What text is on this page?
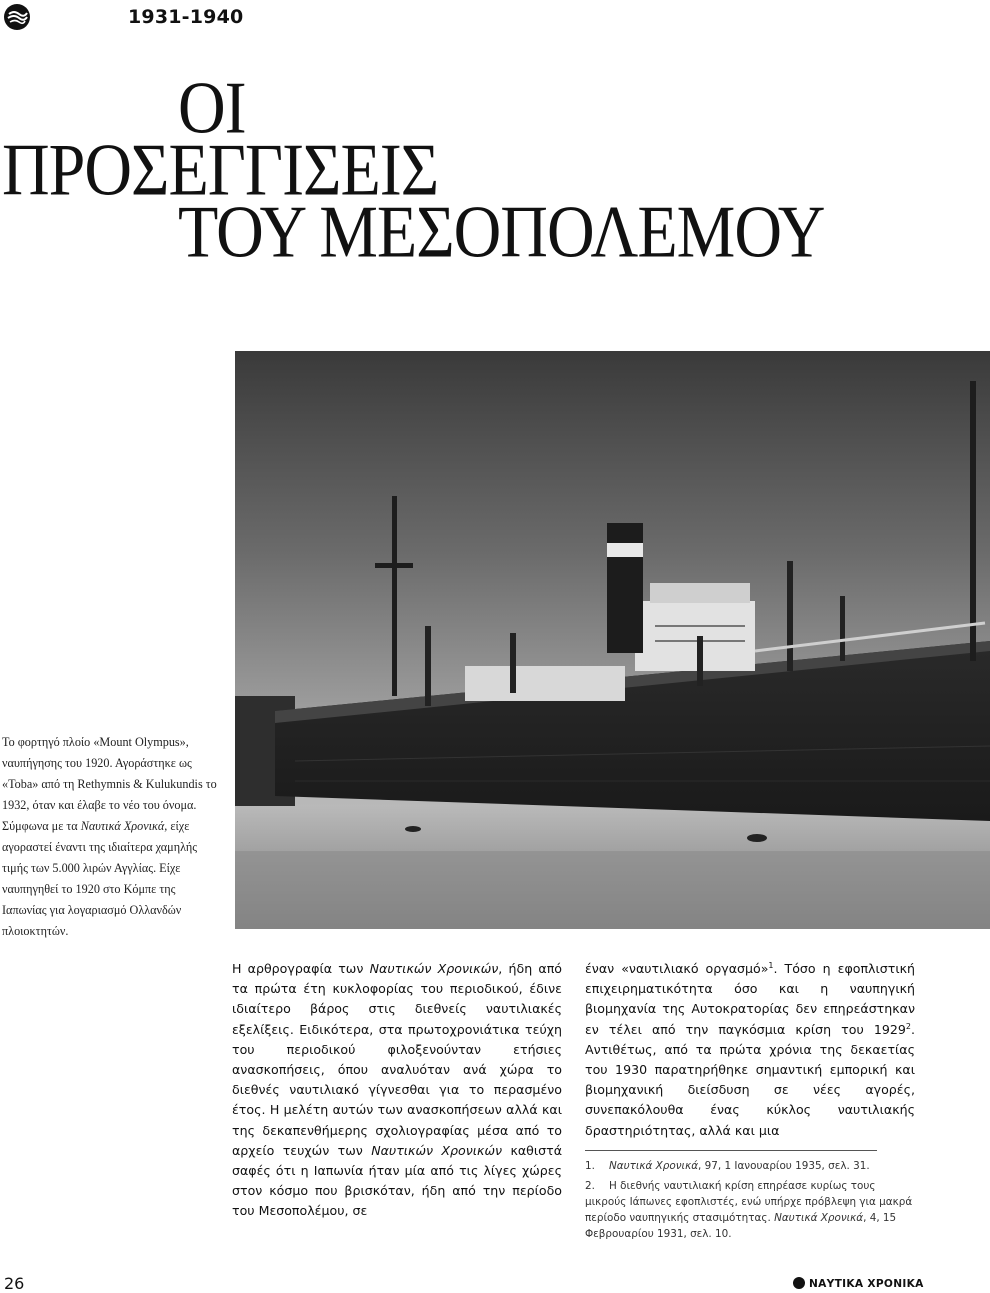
1931-1940
ΟΙ
ΠΡΟΣΕΓΓΙΣΕΙΣ
ΤΟΥ ΜΕΣΟΠΟΛΕΜΟΥ
Το φορτηγό πλοίο «Mount Olympus», ναυπήγησης του 1920. Αγοράστηκε ως «Toba» από τη Rethymnis & Kulukundis το 1932, όταν και έλαβε το νέο του όνομα. Σύμφωνα με τα Ναυτικά Χρονικά, είχε αγοραστεί έναντι της ιδιαίτερα χαμηλής τιμής των 5.000 λιρών Αγγλίας. Είχε ναυπηγηθεί το 1920 στο Κόμπε της Ιαπωνίας για λογαριασμό Ολλανδών πλοιοκτητών.
Η αρθρογραφία των Ναυτικών Χρονικών, ήδη από τα πρώτα έτη κυκλοφορίας του περιοδικού, έδινε ιδιαίτερο βάρος στις διεθνείς ναυτιλιακές εξελίξεις. Ειδικότερα, στα πρωτοχρονιάτικα τεύχη του περιοδικού φιλοξενούνταν ετήσιες ανασκοπήσεις, όπου αναλυόταν ανά χώρα το διεθνές ναυτιλιακό γίγνεσθαι για το περασμένο έτος. Η μελέτη αυτών των ανασκοπήσεων αλλά και της δεκαπενθήμερης σχολιογραφίας μέσα από το αρχείο τευχών των Ναυτικών Χρονικών καθιστά σαφές ότι η Ιαπωνία ήταν μία από τις λίγες χώρες στον κόσμο που βρισκόταν, ήδη από την περίοδο του Μεσοπολέμου, σε
έναν «ναυτιλιακό οργασμό»$^1$. Τόσο η εφοπλιστική επιχειρηματικότητα όσο και η ναυπηγική βιομηχανία της Αυτοκρατορίας δεν επηρεάστηκαν εν τέλει από την παγκόσμια κρίση του 1929$^2$. Αντιθέτως, από τα πρώτα χρόνια της δεκαετίας του 1930 παρατηρήθηκε σημαντική εμπορική και βιομηχανική διείσδυση σε νέες αγορές, συνεπακόλουθα ένας κύκλος ναυτιλιακής δραστηριότητας, αλλά και μια
1. Ναυτικά Χρονικά, 97, 1 Ιανουαρίου 1935, σελ. 31.
2. Η διεθνής ναυτιλιακή κρίση επηρέασε κυρίως τους μικρούς Ιάπωνες εφοπλιστές, ενώ υπήρχε πρόβλεψη για μακρά περίοδο ναυπηγικής στασιμότητας. Ναυτικά Χρονικά, 4, 15 Φεβρουαρίου 1931, σελ. 10.
26	ΝΑΥΤΙΚΑ ΧΡΟΝΙΚΑ
